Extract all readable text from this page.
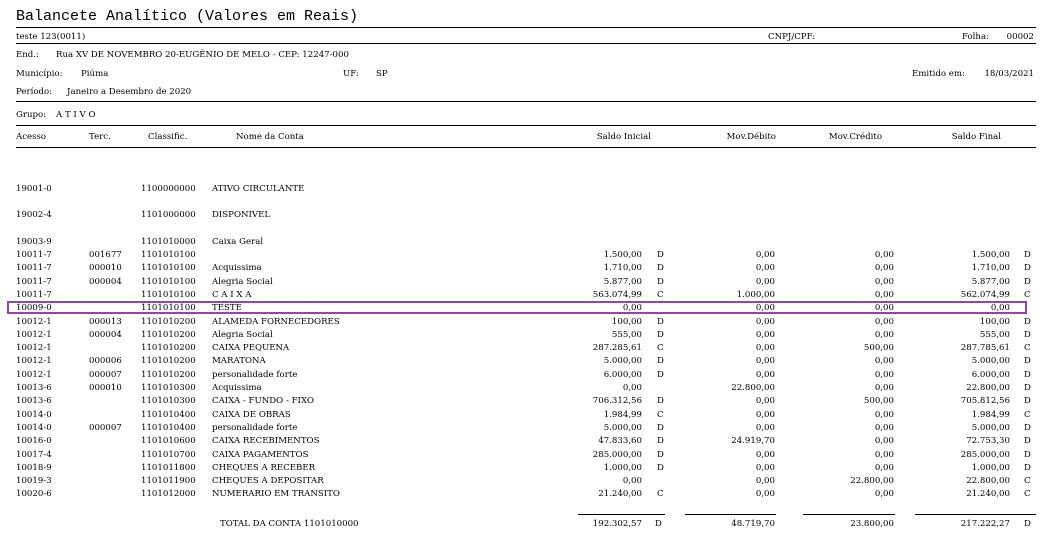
Balancete Analítico (Valores em Reais)
teste 123(0011)	CNPJ/CPF:	Folha:	00002
End.: Rua XV DE NOVEMBRO 20-EUGÊNIO DE MELO - CEP: 12247-000
Município: Piúma	UF: SP	Emitido em:	18/03/2021
Período: Janeiro a Desembro de 2020
Grupo: A T I V O
Acesso	Terc.	Classific.	Nome da Conta	Saldo Inicial	Mov.Débito	Mov.Crédito	Saldo Final
19001-0	1100000000 ATIVO CIRCULANTE
19002-4	1101000000 DISPONIVEL
19003-9	1101010000 Caixa Geral
10011-7	001677 1101010100	1.500,00 D	0,00	0,00	1.500,00 D
10011-7	000010 1101010100 Acquissima	1.710,00 D	0,00	0,00	1.710,00 D
10011-7	000004 1101010100 Alegria Social	5.877,00 D	0,00	0,00	5.877,00 D
10011-7	1101010100 C A I X A	563.074,99 C	1.000,00	0,00	562.074,99 C
10009-0	1101010100 TESTE	0,00	0,00	0,00	0,00
10012-1	000013 1101010200 ALAMEDA FORNECEDORES	100,00 D	0,00	0,00	100,00 D
10012-1	000004 1101010200 Alegria Social	555,00 D	0,00	0,00	555,00 D
10012-1	1101010200 CAIXA PEQUENA	287.285,61 C	0,00	500,00	287.785,61 C
10012-1	000006 1101010200 MARATONA	5.000,00 D	0,00	0,00	5.000,00 D
10012-1	000007 1101010200 personalidade forte	6.000,00 D	0,00	0,00	6.000,00 D
10013-6	000010 1101010300 Acquissima	0,00	22.800,00	0,00	22.800,00 D
10013-6	1101010300 CAIXA - FUNDO - FIXO	706.312,56 D	0,00	500,00	705.812,56 D
10014-0	1101010400 CAIXA DE OBRAS	1.984,99 C	0,00	0,00	1.984,99 C
10014-0	000007 1101010400 personalidade forte	5.000,00 D	0,00	0,00	5.000,00 D
10016-0	1101010600 CAIXA RECEBIMENTOS	47.833,60 D	24.919,70	0,00	72.753,30 D
10017-4	1101010700 CAIXA PAGAMENTOS	285.000,00 D	0,00	0,00	285.000,00 D
10018-9	1101011800 CHEQUES A RECEBER	1.000,00 D	0,00	0,00	1.000,00 D
10019-3	1101011900 CHEQUES A DEPOSITAR	0,00	0,00	22.800,00	22.800,00 C
10020-6	1101012000 NUMERARIO EM TRANSITO	21.240,00 C	0,00	0,00	21.240,00 C
TOTAL DA CONTA 1101010000	192.302,57 D	48.719,70	23.800,00	217.222,27 D
